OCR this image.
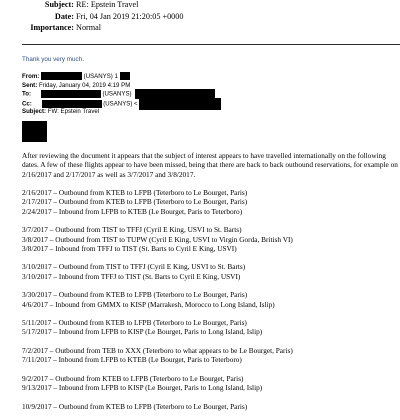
Subject: RE: Epstein Travel
Date: Fri, 04 Jan 2019 21:20:05 +0000
Importance: Normal
Thank you very much.
From:	(USANYS) 1
Sent: Friday, January 04, 2019 4:19 PM
To:	(USANYS)
Cc:	(USANYS) <
Subject: FW: Epstein Travel
After reviewing the document it appears that the subject of interest appears to have travelled internationally on the following dates. A few of these flights appear to have been missed, being that there are back to back outbound reservations, for example on 2/16/2017 and 2/17/2017 as well as 3/7/2017 and 3/8/2017.
2/16/2017 – Outbound from KTEB to LFPB (Teterboro to Le Bourget, Paris)
2/17/2017 – Outbound from KTEB to LFPB (Teterboro to Le Bourget, Paris)
2/24/2017 – Inbound from LFPB to KTEB (Le Bourget, Paris to Teterboro)
3/7/2017 – Outbound from TIST to TFFJ (Cyril E King, USVI to St. Barts)
3/8/2017 – Outbound from TIST to TUPW (Cyril E King, USVI to Virgin Gorda, British VI)
3/8/2017 – Inbound from TFFJ to TIST (St. Barts to Cyril E King, USVI)
3/10/2017 – Outbound from TIST to TFFJ (Cyril E King, USVI to St. Barts)
3/10/2017 – Inbound from TFFJ to TIST (St. Barts to Cyril E King, USVI)
3/30/2017 – Outbound from KTEB to LFPB (Teterboro to Le Bourget, Paris)
4/6/2017 – Inbound from GMMX to KISP (Marrakesh, Morocco to Long Island, Islip)
5/11/2017 – Outbound from KTEB to LFPB (Teterboro to Le Bourget, Paris)
5/17/2017 – Inbound from LFPB to KISP (Le Bourget, Paris to Long Island, Islip)
7/2/2017 – Outbound from TEB to XXX (Teterboro to what appears to be Le Bourget, Paris)
7/11/2017 – Inbound from LFPB to KTEB (Le Bourget, Paris to Teterboro)
9/2/2017 – Outbound from KTEB to LFPB (Teterboro to Le Bourget, Paris)
9/13/2017 – Inbound from LFPB to KISP (Le Bourget, Paris to Long Island, Islip)
10/9/2017 – Outbound from KTEB to LFPB (Teterboro to Le Bourget, Paris)
